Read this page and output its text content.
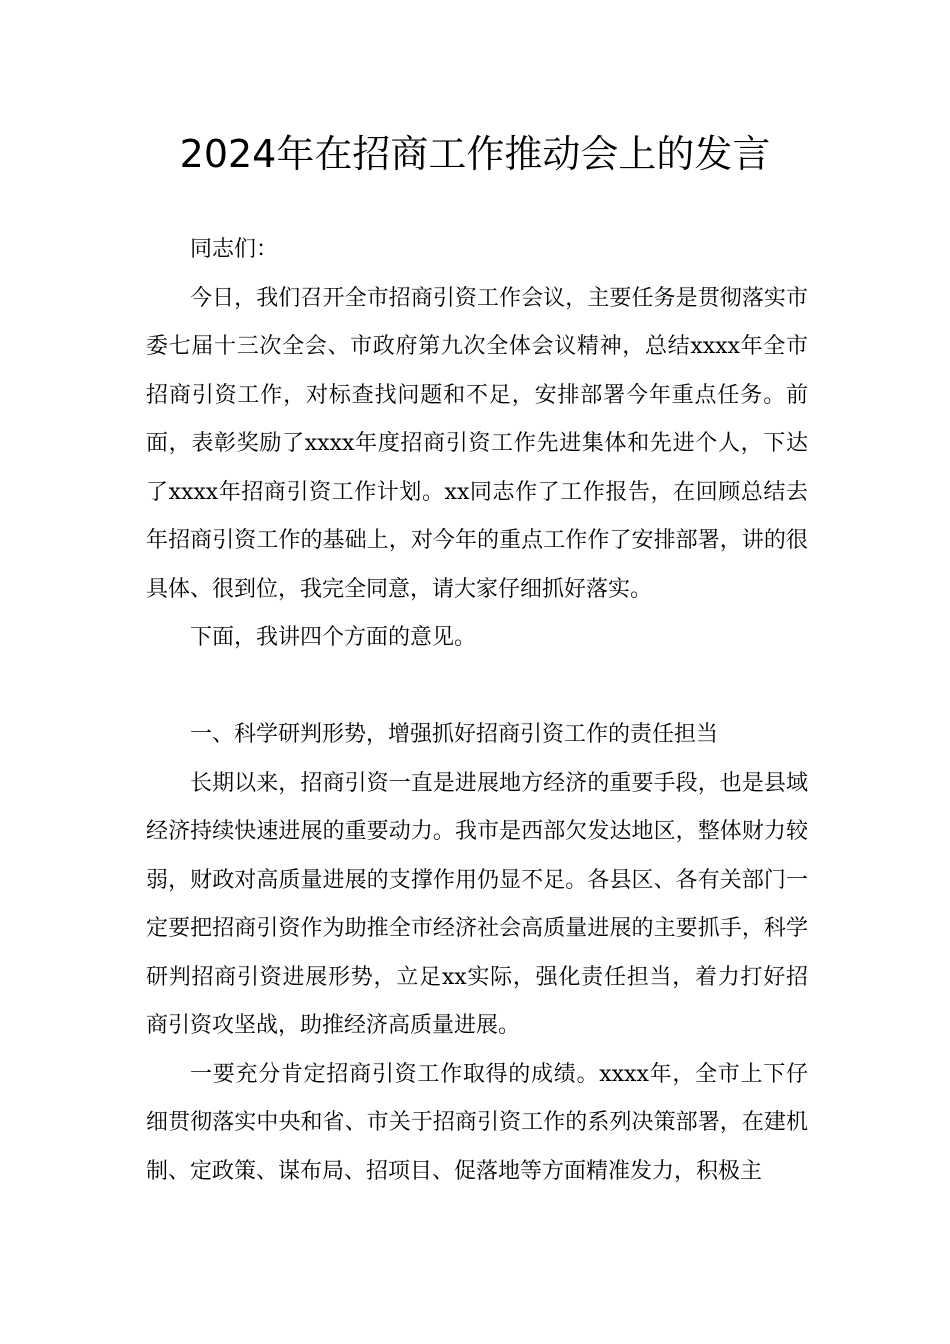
2024年在招商工作推动会上的发言

同志们：

今日，我们召开全市招商引资工作会议，主要任务是贯彻落实市委七届十三次全会、市政府第九次全体会议精神，总结xxxx年全市招商引资工作，对标查找问题和不足，安排部署今年重点任务。前面，表彰奖励了xxxx年度招商引资工作先进集体和先进个人，下达了xxxx年招商引资工作计划。xx同志作了工作报告，在回顾总结去年招商引资工作的基础上，对今年的重点工作作了安排部署，讲的很具体、很到位，我完全同意，请大家仔细抓好落实。

下面，我讲四个方面的意见。

一、科学研判形势，增强抓好招商引资工作的责任担当

长期以来，招商引资一直是进展地方经济的重要手段，也是县域经济持续快速进展的重要动力。我市是西部欠发达地区，整体财力较弱，财政对高质量进展的支撑作用仍显不足。各县区、各有关部门一定要把招商引资作为助推全市经济社会高质量进展的主要抓手，科学研判招商引资进展形势，立足xx实际，强化责任担当，着力打好招商引资攻坚战，助推经济高质量进展。

一要充分肯定招商引资工作取得的成绩。xxxx年，全市上下仔细贯彻落实中央和省、市关于招商引资工作的系列决策部署，在建机制、定政策、谋布局、招项目、促落地等方面精准发力，积极主
